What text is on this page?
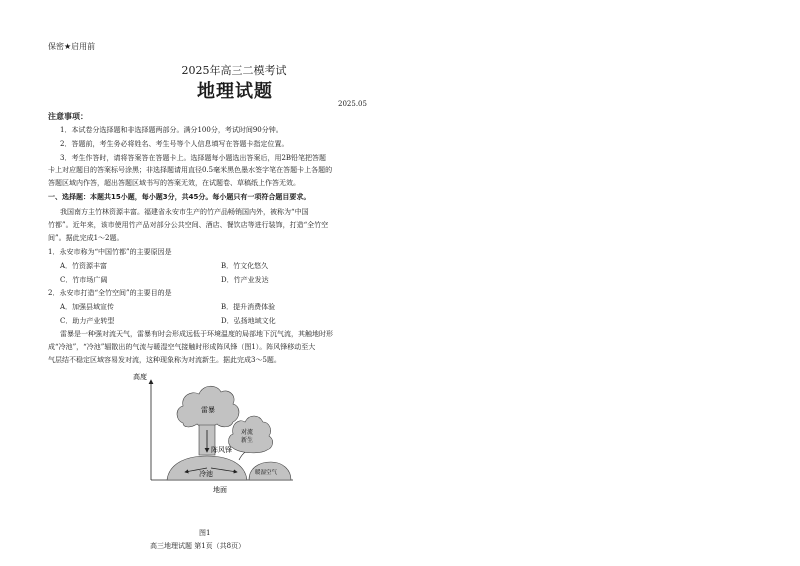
保密★启用前
2025年高三二模考试
地理试题
2025.05
注意事项：
1．本试卷分选择题和非选择题两部分。满分100分，考试时间90分钟。
2．答题前，考生务必将姓名、考生号等个人信息填写在答题卡指定位置。
3．考生作答时，请将答案答在答题卡上。选择题每小题选出答案后，用2B铅笔把答题
卡上对应题目的答案标号涂黑；非选择题请用直径0.5毫米黑色墨水签字笔在答题卡上各题的
答题区域内作答，超出答题区域书写的答案无效，在试题卷、草稿纸上作答无效。
一、选择题：本题共15小题，每小题3分，共45分。每小题只有一项符合题目要求。
我国南方主竹林资源丰富。福建省永安市生产的竹产品畅销国内外，被称为“中国
竹都”。近年来，该市使用竹产品对部分公共空间、酒店、餐饮店等进行装饰，打造“全竹空
间”。据此完成1～2题。
1．永安市称为“中国竹都”的主要原因是
A．竹资源丰富	B．竹文化悠久
C．竹市场广阔	D．竹产业发达
2．永安市打造“全竹空间”的主要目的是
A．加强县域宣传	B．提升消费体验
C．助力产业转型	D．弘扬地域文化
雷暴是一种强对流天气，雷暴有时会形成远低于环境温度的局部地下沉气流，其触地时形
成“冷池”，“冷池”辐散出的气流与暖湿空气接触时形成阵风锋（图1）。阵风锋移动至大
气层结不稳定区域容易发对流，这种现象称为对流新生。据此完成3～5题。
高度
地面
雷暴
冷池
阵风锋
对流
新生
暖湿空气
图1
高三地理试题 第1页（共8页）
